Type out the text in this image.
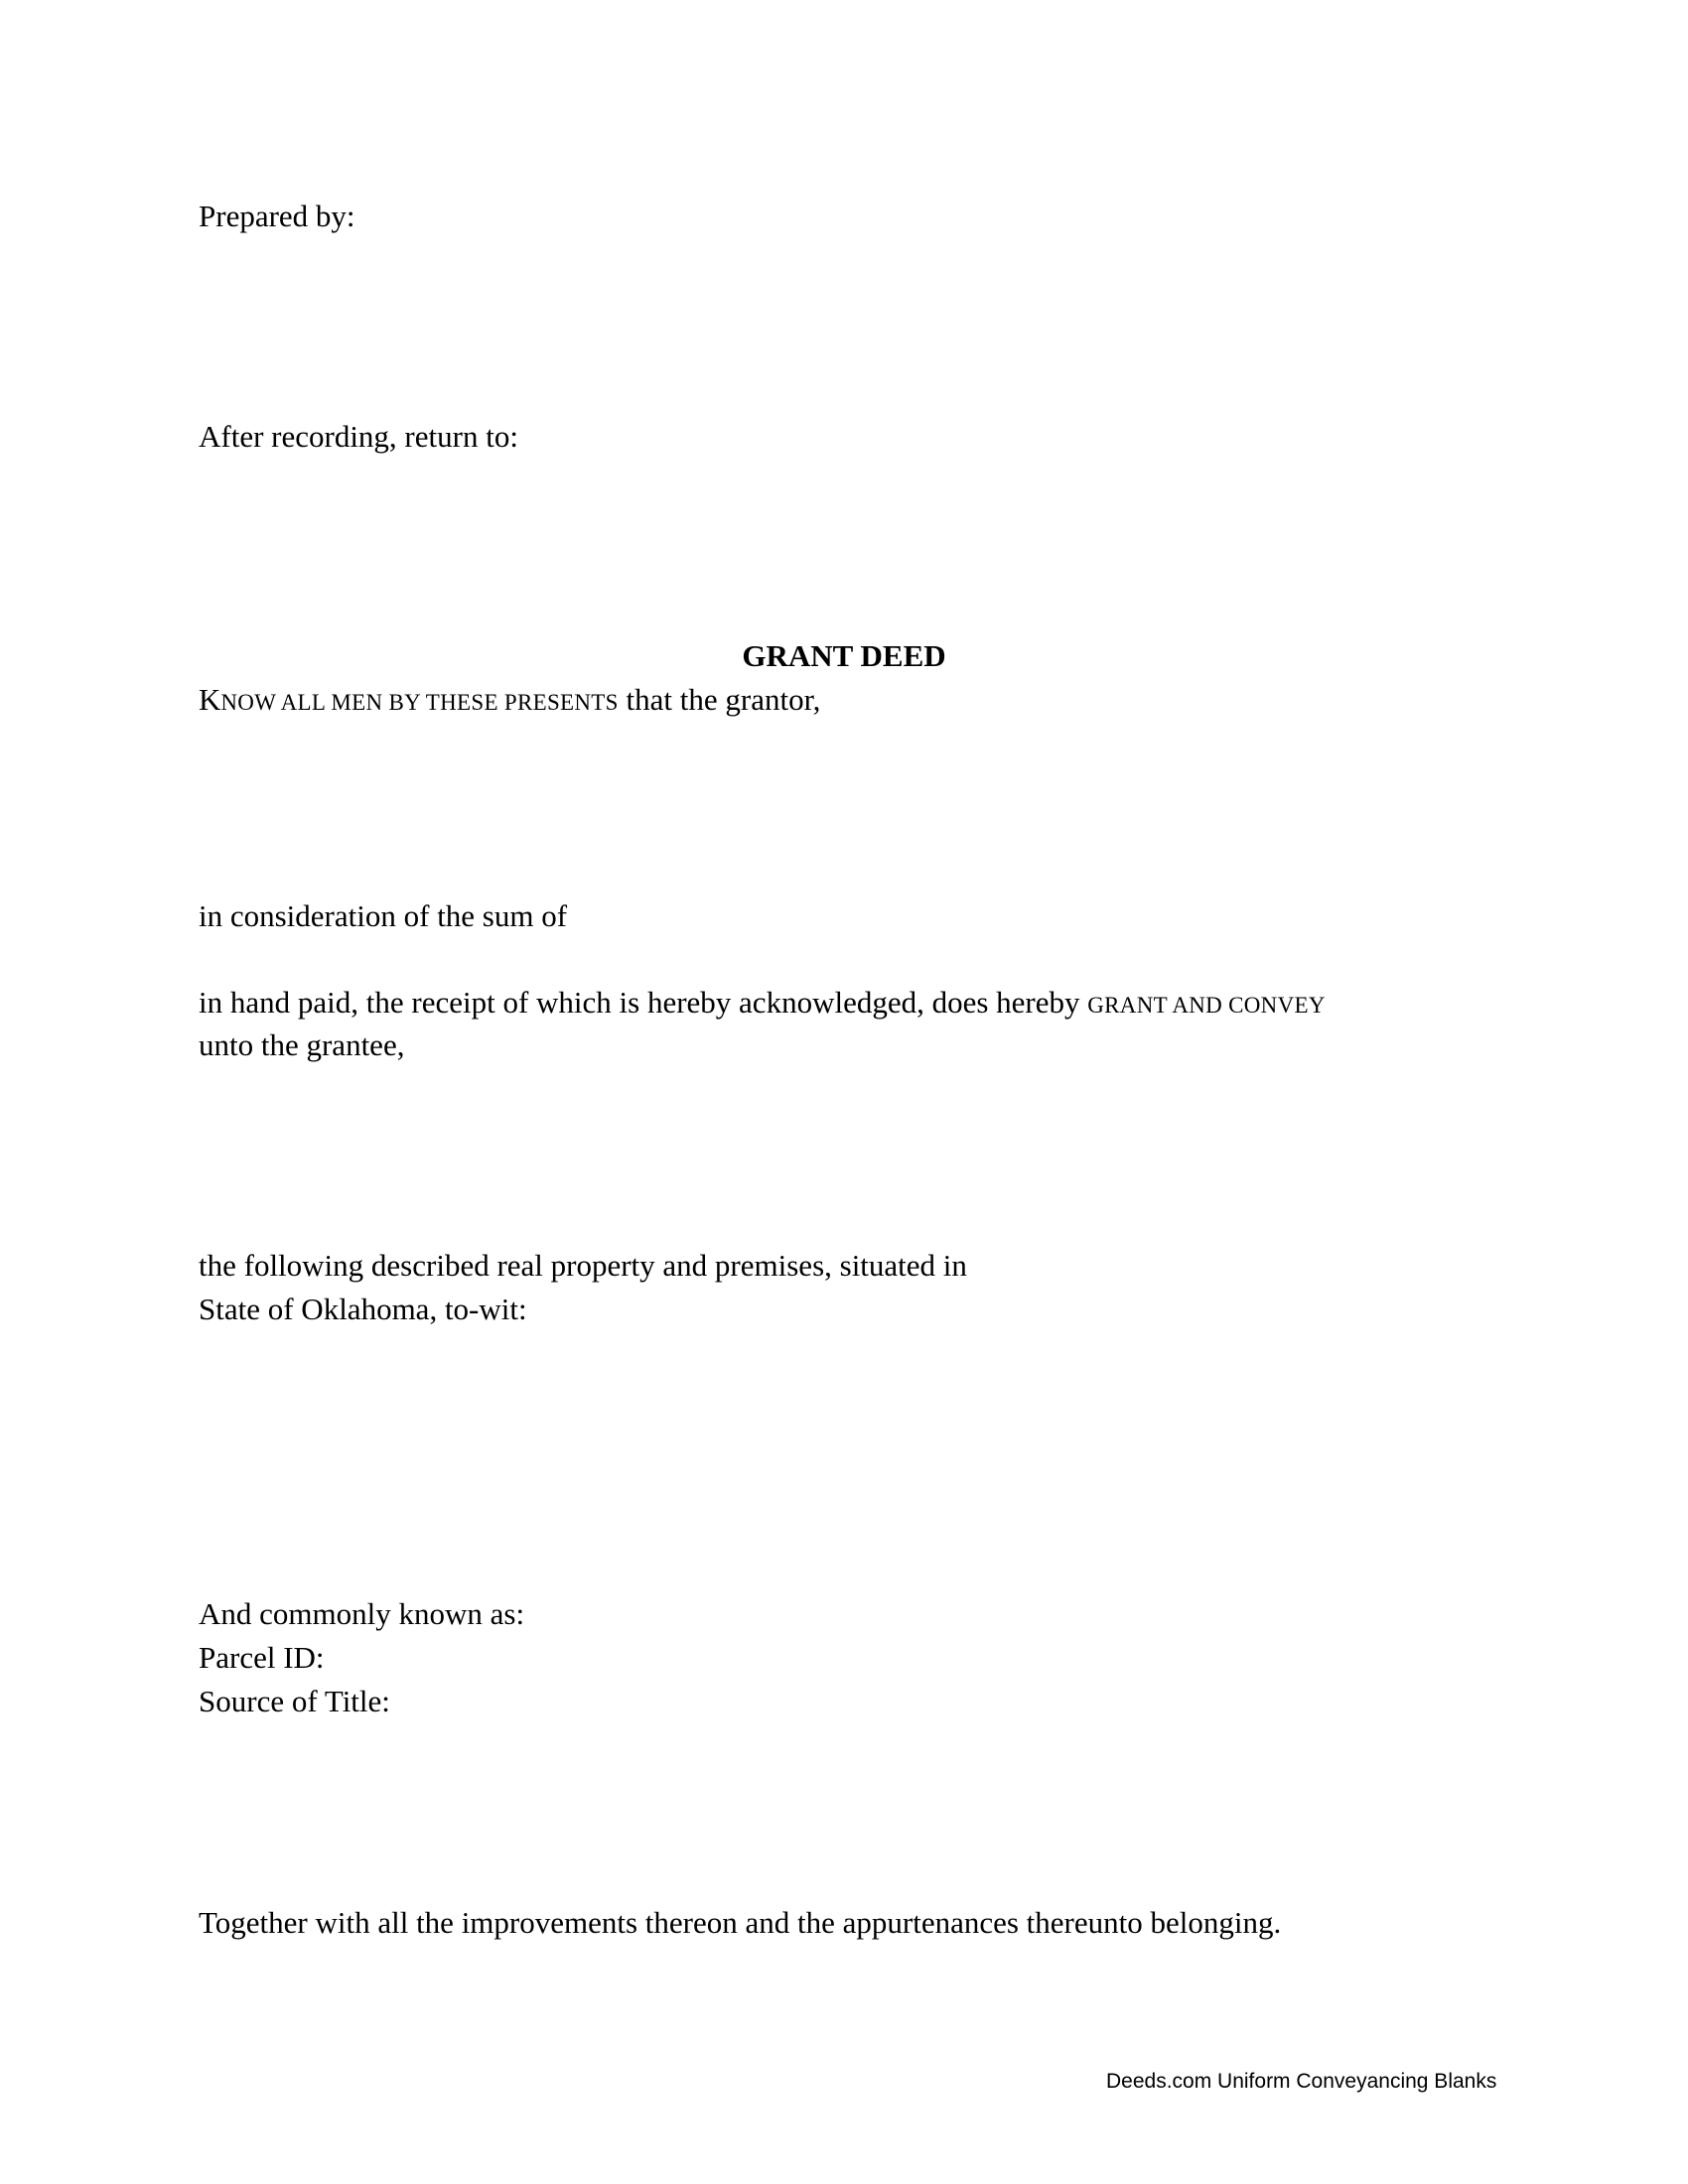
Prepared by:
After recording, return to:
GRANT DEED
KNOW ALL MEN BY THESE PRESENTS that the grantor,
in consideration of the sum of
in hand paid, the receipt of which is hereby acknowledged, does hereby GRANT AND CONVEY
unto the grantee,
the following described real property and premises, situated in
State of Oklahoma, to-wit:
And commonly known as:
Parcel ID:
Source of Title:
Together with all the improvements thereon and the appurtenances thereunto belonging.
Deeds.com Uniform Conveyancing Blanks
